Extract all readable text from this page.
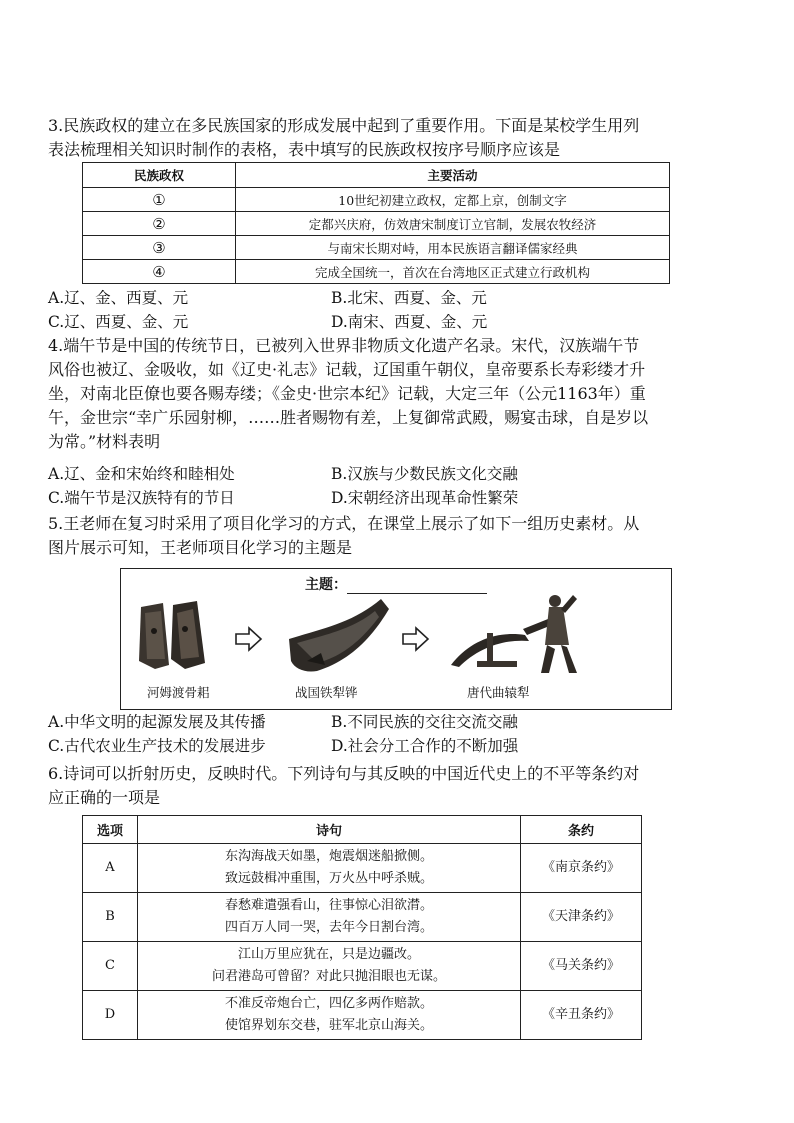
3.民族政权的建立在多民族国家的形成发展中起到了重要作用。下面是某校学生用列

表法梳理相关知识时制作的表格，表中填写的民族政权按序号顺序应该是

民族政权	主要活动
①	10世纪初建立政权，定都上京，创制文字
②	定都兴庆府，仿效唐宋制度订立官制，发展农牧经济
③	与南宋长期对峙，用本民族语言翻译儒家经典
④	完成全国统一，首次在台湾地区正式建立行政机构
A.辽、金、西夏、元	B.北宋、西夏、金、元
C.辽、西夏、金、元	D.南宋、西夏、金、元

4.端午节是中国的传统节日，已被列入世界非物质文化遗产名录。宋代，汉族端午节

风俗也被辽、金吸收，如《辽史·礼志》记载，辽国重午朝仪，皇帝要系长寿彩缕才升

坐，对南北臣僚也要各赐寿缕；《金史·世宗本纪》记载，大定三年（公元1163年）重

午，金世宗“幸广乐园射柳，……胜者赐物有差，上复御常武殿，赐宴击球，自是岁以

为常。”材料表明

A.辽、金和宋始终和睦相处	B.汉族与少数民族文化交融
C.端午节是汉族特有的节日	D.宋朝经济出现革命性繁荣

5.王老师在复习时采用了项目化学习的方式，在课堂上展示了如下一组历史素材。从

图片展示可知，王老师项目化学习的主题是

主题：
河姆渡骨耜	战国铁犁铧	唐代曲辕犁
A.中华文明的起源发展及其传播	B.不同民族的交往交流交融
C.古代农业生产技术的发展进步	D.社会分工合作的不断加强

6.诗词可以折射历史，反映时代。下列诗句与其反映的中国近代史上的不平等条约对

应正确的一项是

选项	诗句	条约
A	东沟海战天如墨，炮震烟迷船掀侧。
致远鼓楫冲重围，万火丛中呼杀贼。	《南京条约》
B	春愁难遣强看山，往事惊心泪欲潸。
四百万人同一哭，去年今日割台湾。	《天津条约》
C	江山万里应犹在，只是边疆改。
问君港岛可曾留？对此只抛泪眼也无谋。	《马关条约》
D	不准反帝炮台亡，四亿多两作赔款。
使馆界划东交巷，驻军北京山海关。	《辛丑条约》
